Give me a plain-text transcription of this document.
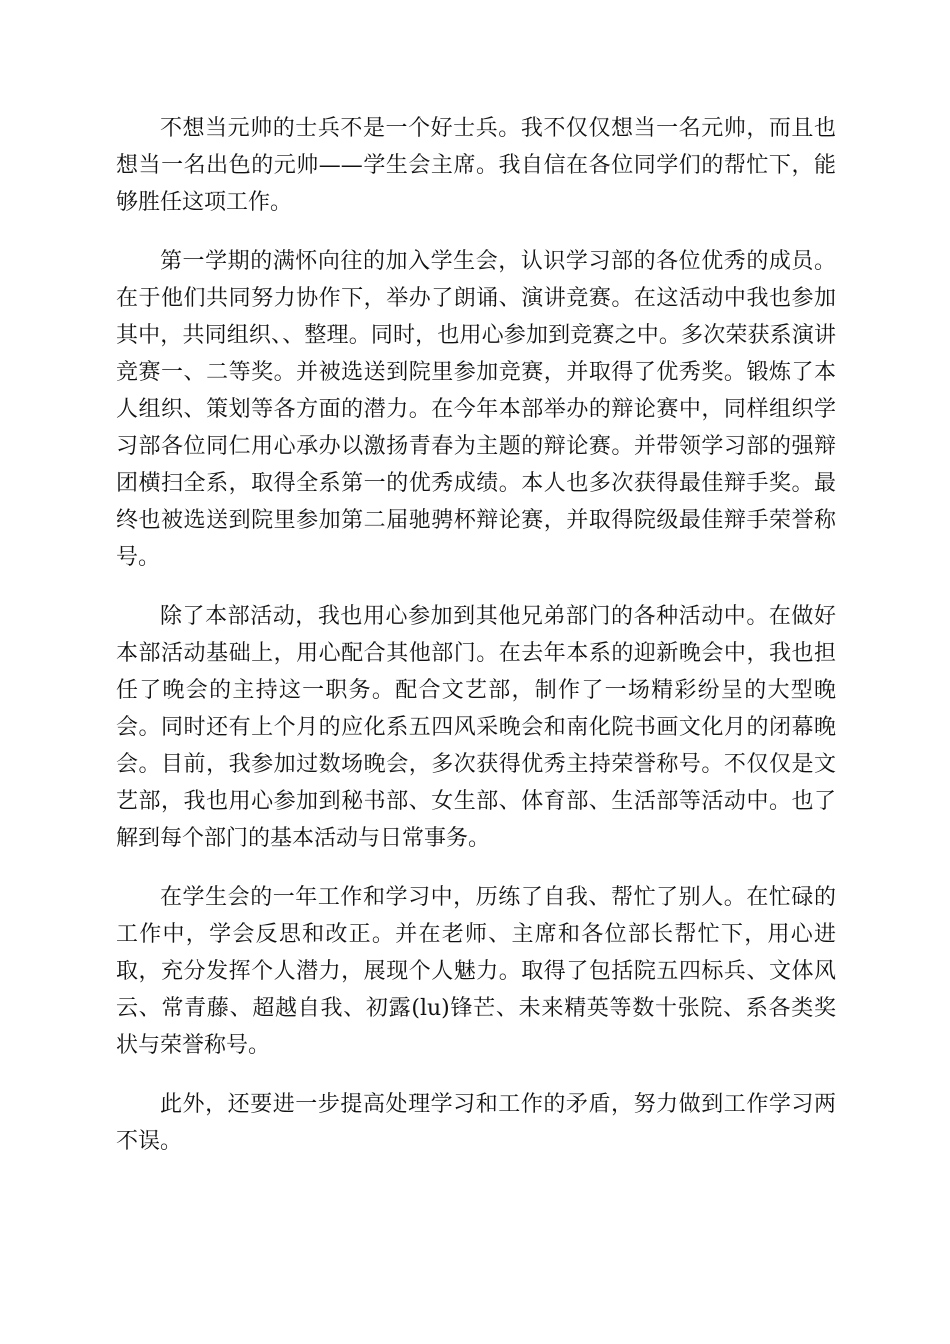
不想当元帅的士兵不是一个好士兵。我不仅仅想当一名元帅，而且也想当一名出色的元帅——学生会主席。我自信在各位同学们的帮忙下，能够胜任这项工作。

第一学期的满怀向往的加入学生会，认识学习部的各位优秀的成员。在于他们共同努力协作下，举办了朗诵、演讲竞赛。在这活动中我也参加其中，共同组织、、整理。同时，也用心参加到竞赛之中。多次荣获系演讲竞赛一、二等奖。并被选送到院里参加竞赛，并取得了优秀奖。锻炼了本人组织、策划等各方面的潜力。在今年本部举办的辩论赛中，同样组织学习部各位同仁用心承办以激扬青春为主题的辩论赛。并带领学习部的强辩团横扫全系，取得全系第一的优秀成绩。本人也多次获得最佳辩手奖。最终也被选送到院里参加第二届驰骋杯辩论赛，并取得院级最佳辩手荣誉称号。

除了本部活动，我也用心参加到其他兄弟部门的各种活动中。在做好本部活动基础上，用心配合其他部门。在去年本系的迎新晚会中，我也担任了晚会的主持这一职务。配合文艺部，制作了一场精彩纷呈的大型晚会。同时还有上个月的应化系五四风采晚会和南化院书画文化月的闭幕晚会。目前，我参加过数场晚会，多次获得优秀主持荣誉称号。不仅仅是文艺部，我也用心参加到秘书部、女生部、体育部、生活部等活动中。也了解到每个部门的基本活动与日常事务。

在学生会的一年工作和学习中，历练了自我、帮忙了别人。在忙碌的工作中，学会反思和改正。并在老师、主席和各位部长帮忙下，用心进取，充分发挥个人潜力，展现个人魅力。取得了包括院五四标兵、文体风云、常青藤、超越自我、初露(lu)锋芒、未来精英等数十张院、系各类奖状与荣誉称号。

此外，还要进一步提高处理学习和工作的矛盾，努力做到工作学习两不误。
